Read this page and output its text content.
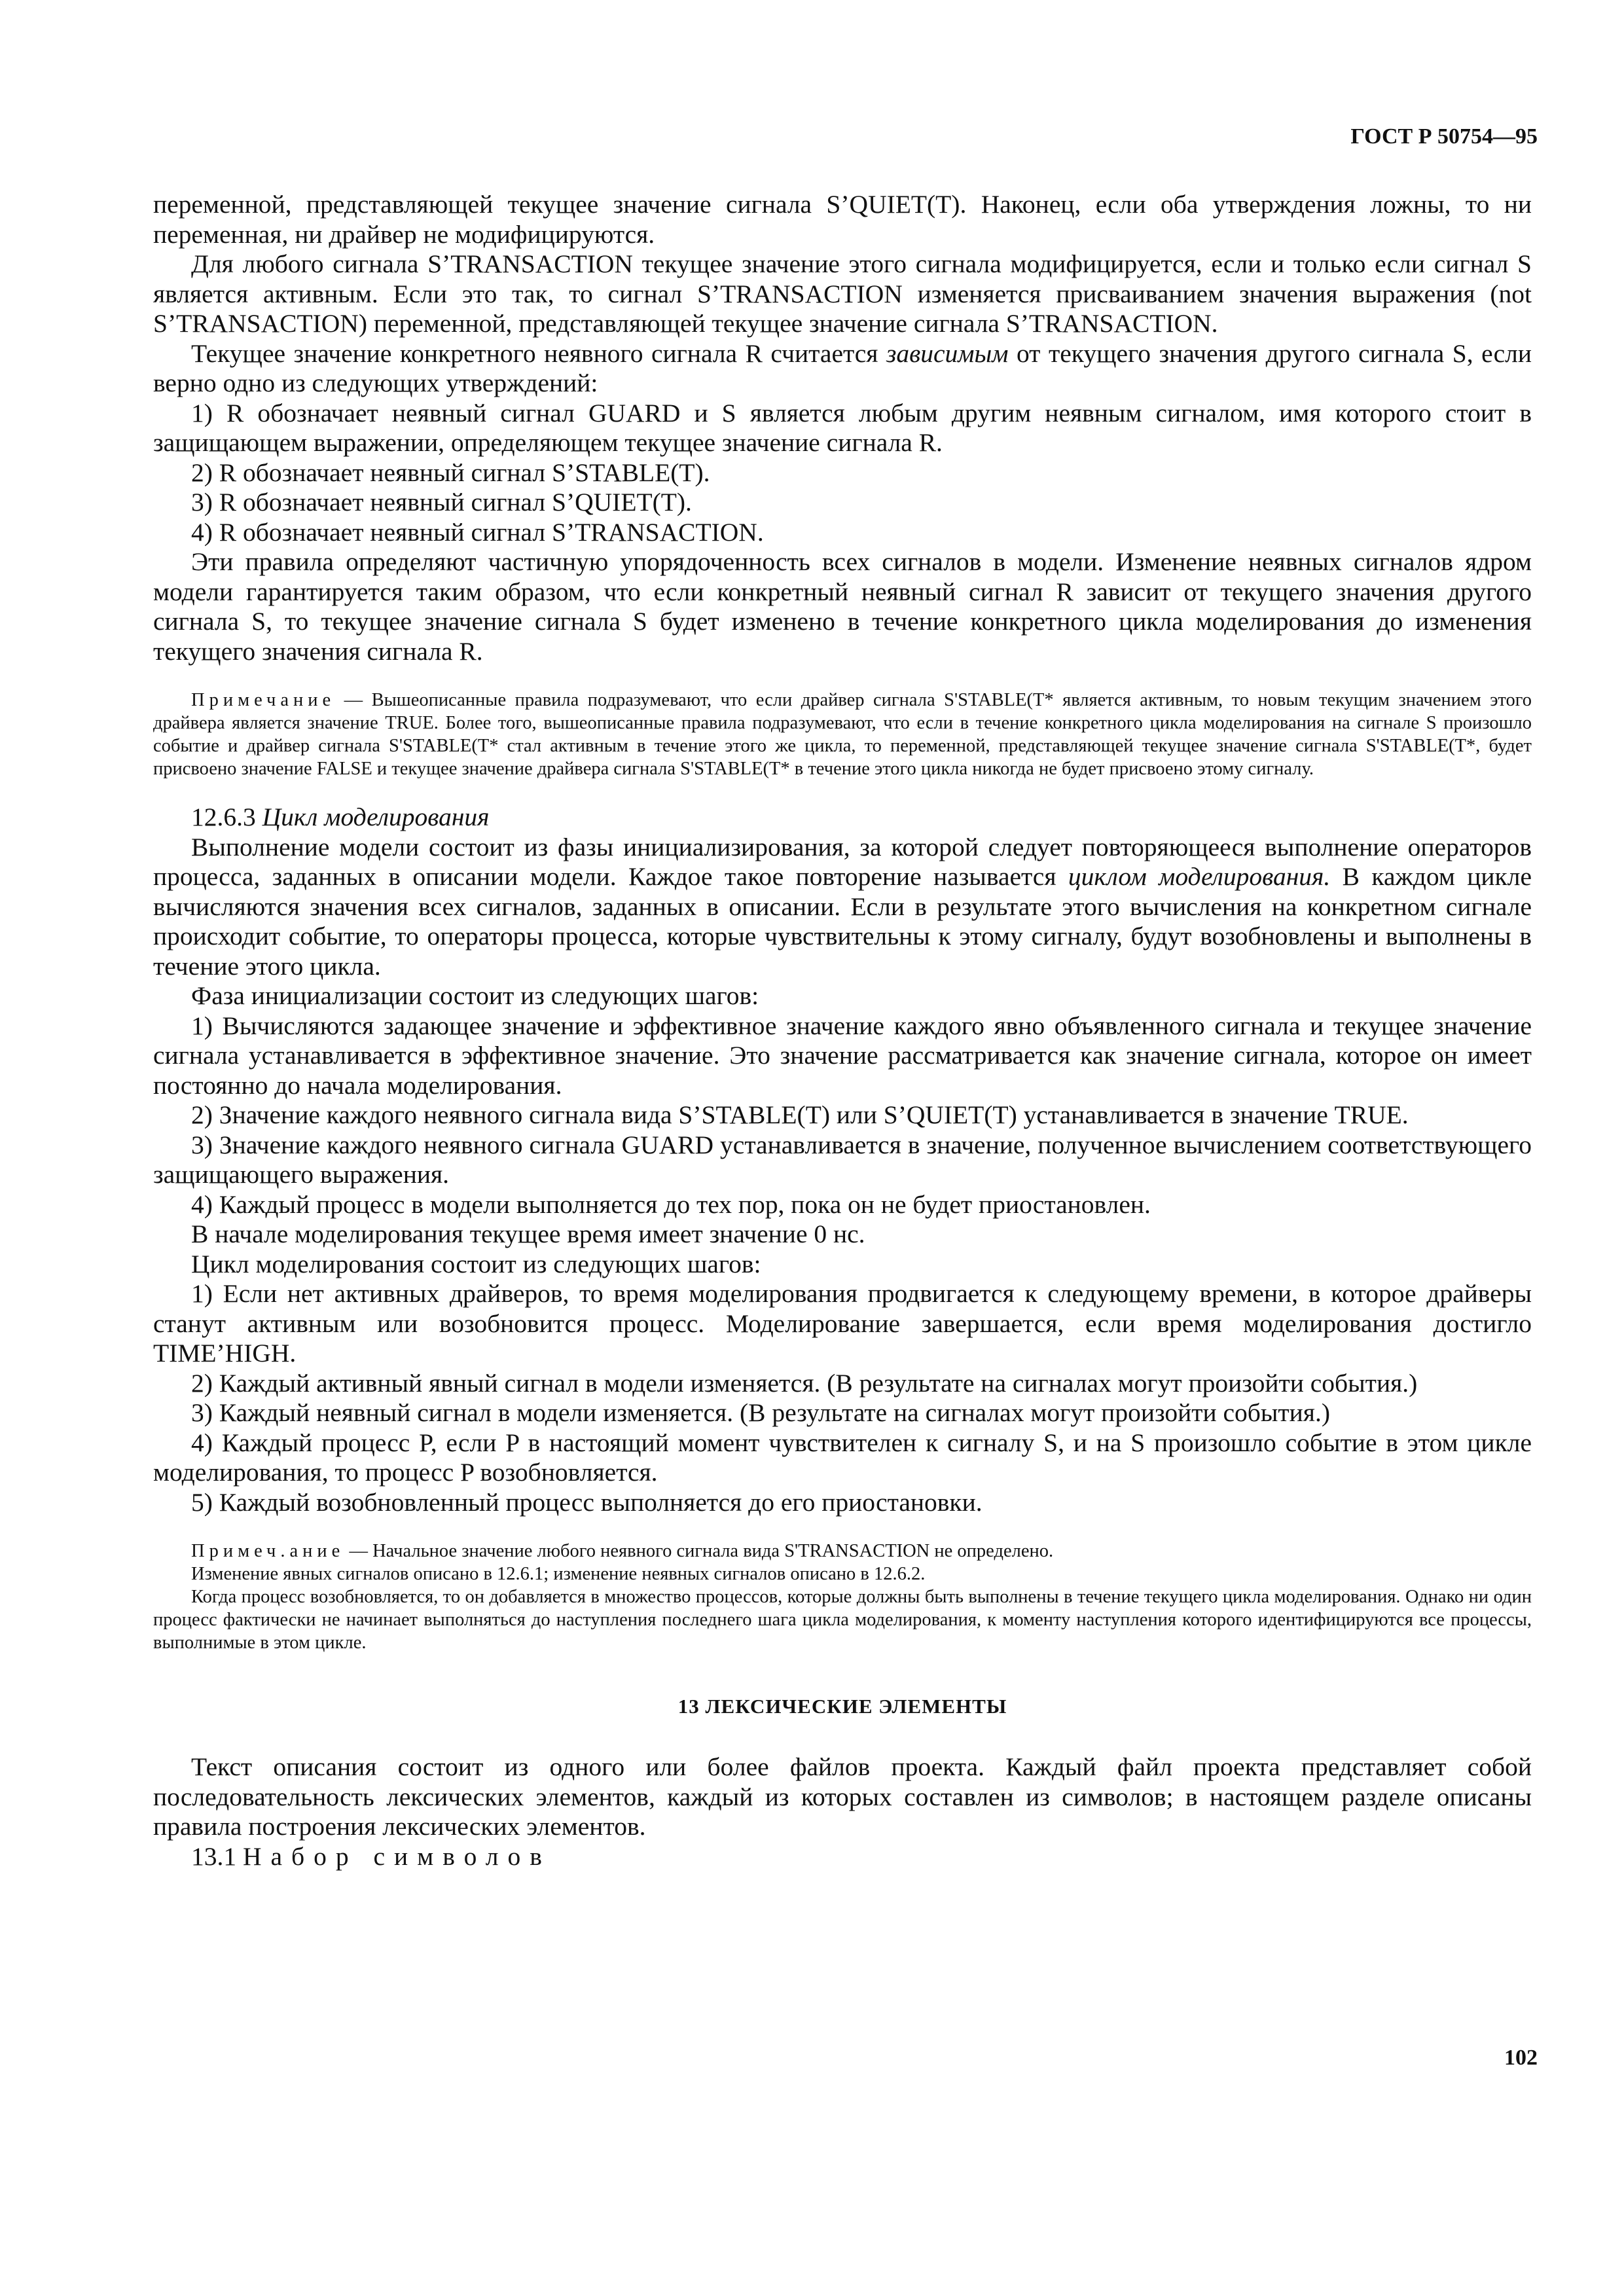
ГОСТ Р 50754—95

переменной, представляющей текущее значение сигнала S’QUIET(T). Наконец, если оба утверждения ложны, то ни переменная, ни драйвер не модифицируются.

Для любого сигнала S’TRANSACTION текущее значение этого сигнала модифицируется, если и только если сигнал S является активным. Если это так, то сигнал S’TRANSACTION изменяется присваиванием значения выражения (not S’TRANSACTION) переменной, представляющей текущее значение сигнала S’TRANSACTION.

Текущее значение конкретного неявного сигнала R считается зависимым от текущего значения другого сигнала S, если верно одно из следующих утверждений:

1) R обозначает неявный сигнал GUARD и S является любым другим неявным сигналом, имя которого стоит в защищающем выражении, определяющем текущее значение сигнала R.

2) R обозначает неявный сигнал S’STABLE(T).

3) R обозначает неявный сигнал S’QUIET(T).

4) R обозначает неявный сигнал S’TRANSACTION.

Эти правила определяют частичную упорядоченность всех сигналов в модели. Изменение неявных сигналов ядром модели гарантируется таким образом, что если конкретный неявный сигнал R зависит от текущего значения другого сигнала S, то текущее значение сигнала S будет изменено в течение конкретного цикла моделирования до изменения текущего значения сигнала R.

Примечание — Вышеописанные правила подразумевают, что если драйвер сигнала S'STABLE(T* является активным, то новым текущим значением этого драйвера является значение TRUE. Более того, вышеописанные правила подразумевают, что если в течение конкретного цикла моделирования на сигнале S произошло событие и драйвер сигнала S'STABLE(T* стал активным в течение этого же цикла, то переменной, представляющей текущее значение сигнала S'STABLE(T*, будет присвоено значение FALSE и текущее значение драйвера сигнала S'STABLE(T* в течение этого цикла никогда не будет присвоено этому сигналу.

12.6.3 Цикл моделирования

Выполнение модели состоит из фазы инициализирования, за которой следует повторяющееся выполнение операторов процесса, заданных в описании модели. Каждое такое повторение называется циклом моделирования. В каждом цикле вычисляются значения всех сигналов, заданных в описании. Если в результате этого вычисления на конкретном сигнале происходит событие, то операторы процесса, которые чувствительны к этому сигналу, будут возобновлены и выполнены в течение этого цикла.

Фаза инициализации состоит из следующих шагов:

1) Вычисляются задающее значение и эффективное значение каждого явно объявленного сигнала и текущее значение сигнала устанавливается в эффективное значение. Это значение рассматривается как значение сигнала, которое он имеет постоянно до начала моделирования.

2) Значение каждого неявного сигнала вида S’STABLE(T) или S’QUIET(T) устанавливается в значение TRUE.

3) Значение каждого неявного сигнала GUARD устанавливается в значение, полученное вычислением соответствующего защищающего выражения.

4) Каждый процесс в модели выполняется до тех пор, пока он не будет приостановлен.

В начале моделирования текущее время имеет значение 0 нс.

Цикл моделирования состоит из следующих шагов:

1) Если нет активных драйверов, то время моделирования продвигается к следующему времени, в которое драйверы станут активным или возобновится процесс. Моделирование завершается, если время моделирования достигло TIME’HIGH.

2) Каждый активный явный сигнал в модели изменяется. (В результате на сигналах могут произойти события.)

3) Каждый неявный сигнал в модели изменяется. (В результате на сигналах могут произойти события.)

4) Каждый процесс P, если P в настоящий момент чувствителен к сигналу S, и на S произошло событие в этом цикле моделирования, то процесс P возобновляется.

5) Каждый возобновленный процесс выполняется до его приостановки.

Примеч.ание — Начальное значение любого неявного сигнала вида S'TRANSACTION не определено.

Изменение явных сигналов описано в 12.6.1; изменение неявных сигналов описано в 12.6.2.

Когда процесс возобновляется, то он добавляется в множество процессов, которые должны быть выполнены в течение текущего цикла моделирования. Однако ни один процесс фактически не начинает выполняться до наступления последнего шага цикла моделирования, к моменту наступления которого идентифицируются все процессы, выполнимые в этом цикле.

13 ЛЕКСИЧЕСКИЕ ЭЛЕМЕНТЫ

Текст описания состоит из одного или более файлов проекта. Каждый файл проекта представляет собой последовательность лексических элементов, каждый из которых составлен из символов; в настоящем разделе описаны правила построения лексических элементов.

13.1 Набор символов

102
